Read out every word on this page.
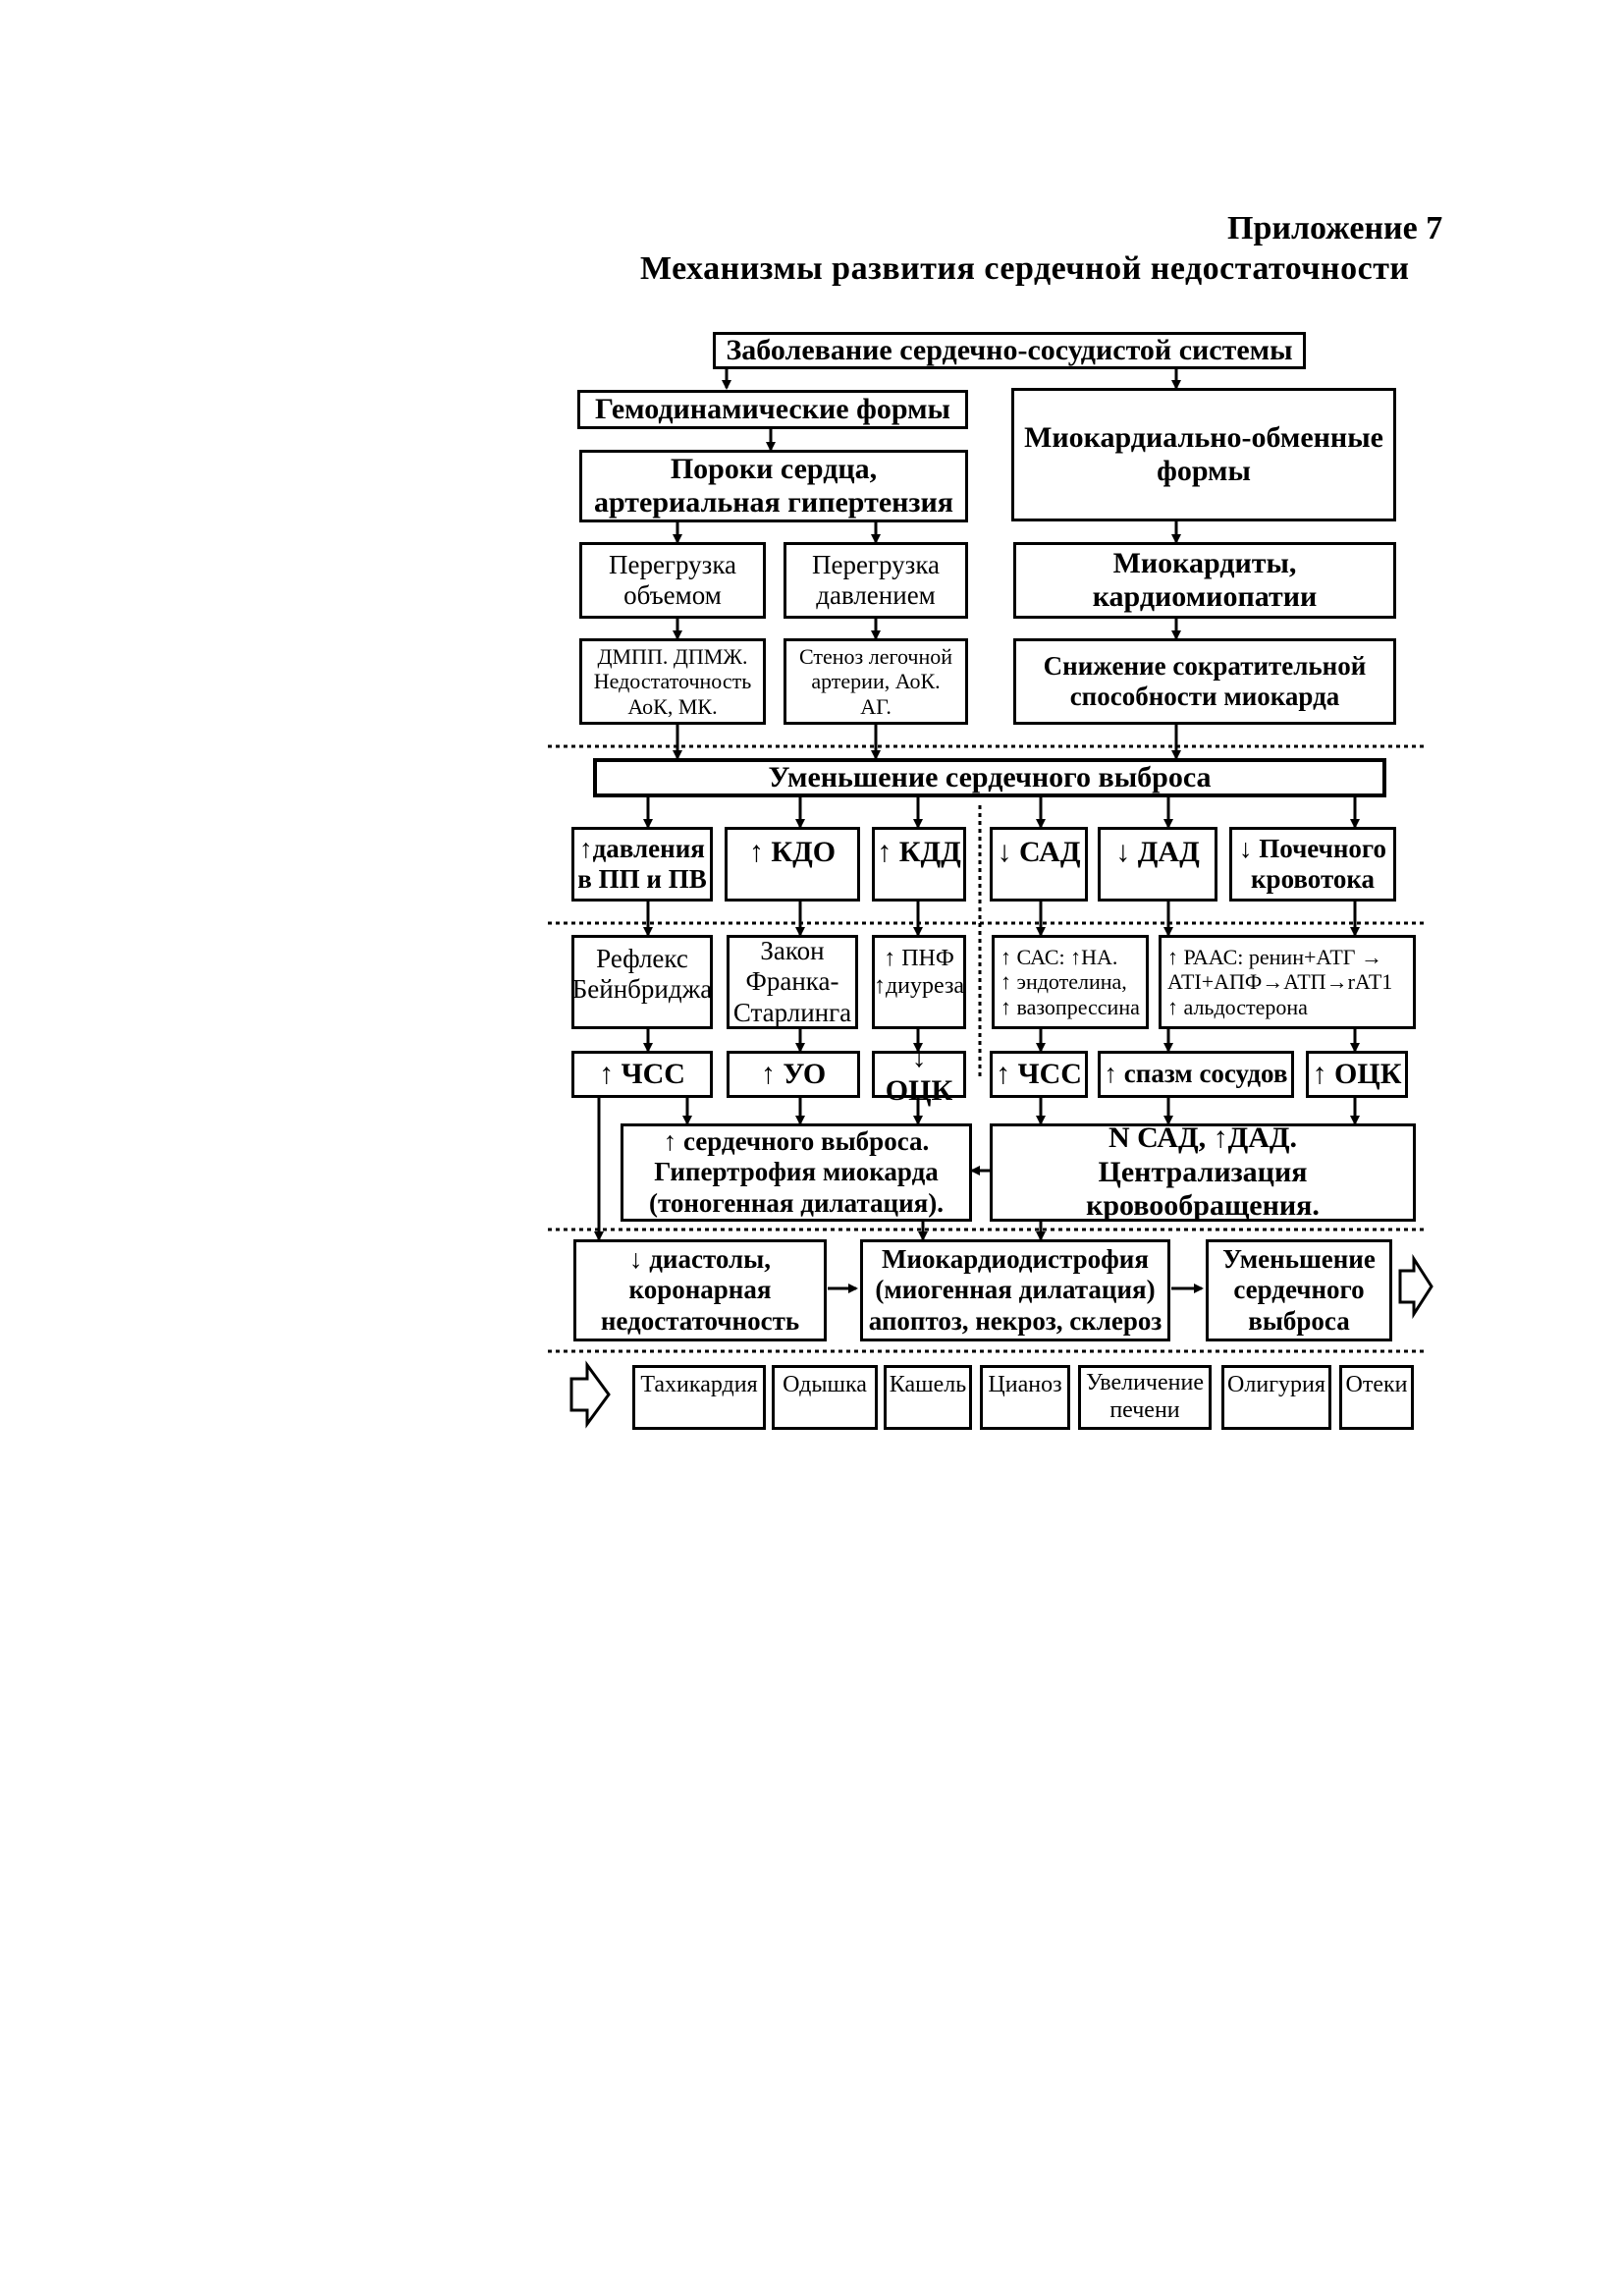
Приложение 7
Механизмы развития сердечной недостаточности
Заболевание сердечно-сосудистой системы
Гемодинамические формы
Миокардиально-обменные
формы
Пороки сердца,
артериальная гипертензия
Перегрузка
объемом
Перегрузка
давлением
Миокардиты,
кардиомиопатии
ДМПП. ДПМЖ.
Недостаточность
АоК, МК.
Стеноз легочной
артерии, АоК.
АГ.
Снижение сократительной
способности миокарда
Уменьшение сердечного выброса
↑давления
в ПП и ПВ
↑ КДО	↑ КДД ↓ САД	↓ ДАД	↓ Почечного
кровотока
Рефлекс
Бейнбриджа
Закон
Франка-
Старлинга
↑ ПНФ
↑диуреза
↑ САС: ↑НА.
↑ эндотелина,
↑ вазопрессина
↑ РААС: ренин+АТГ →
АТI+АПФ→АТП→rАТ1
↑ альдостерона
↑ ЧСС	↑ УО
↓ ОЦК
↑ ЧСС ↑ спазм сосудов ↑ ОЦК
↑ сердечного выброса.
Гипертрофия миокарда
(тоногенная дилатация).
N САД, ↑ДАД.
Централизация кровообращения.
↓ диастолы,
коронарная
недостаточность
Миокардиодистрофия
(миогенная дилатация)
апоптоз, некроз, склероз
Уменьшение
сердечного
выброса
Тахикардия	Одышка Кашель Цианоз	Увеличение
печени
Олигурия Отеки
